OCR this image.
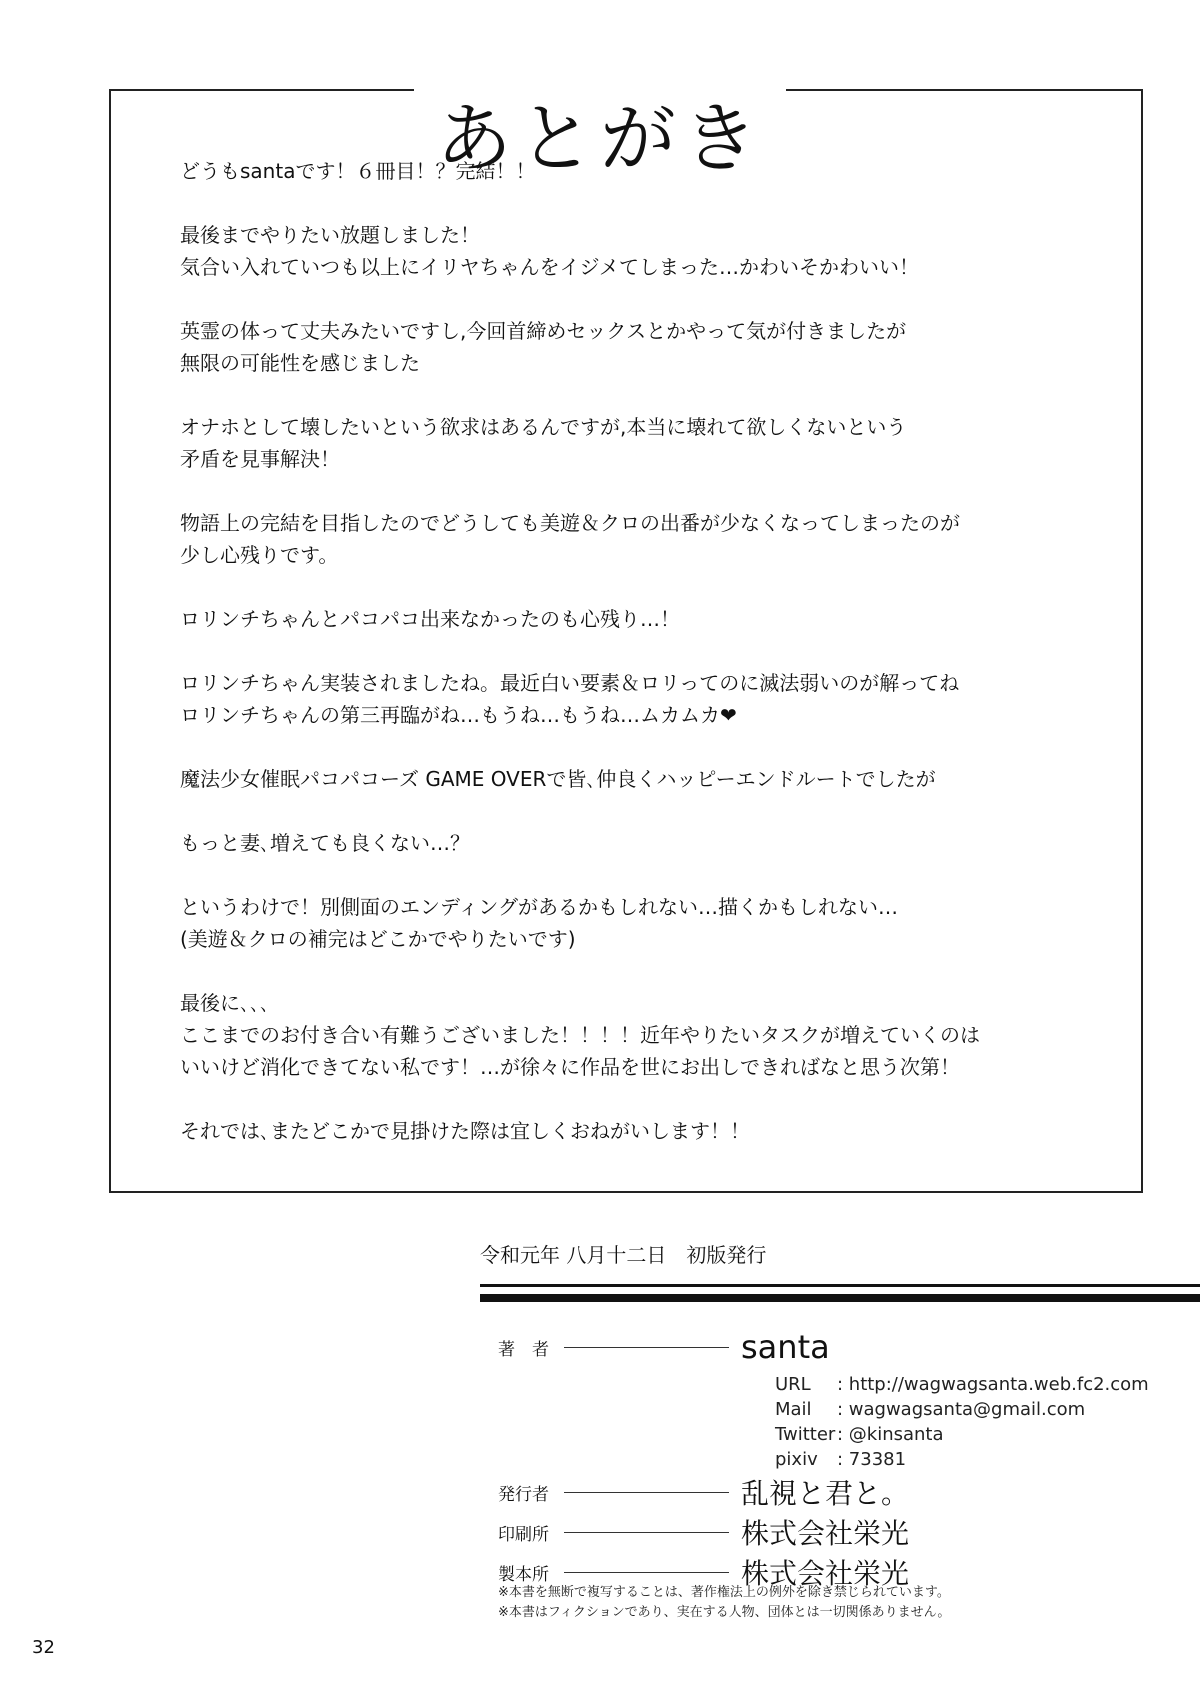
あとがき

どうもsantaです！６冊目！？完結！！

最後までやりたい放題しました！
気合い入れていつも以上にイリヤちゃんをイジメてしまった…かわいそかわいい！

英霊の体って丈夫みたいですし,今回首締めセックスとかやって気が付きましたが
無限の可能性を感じました

オナホとして壊したいという欲求はあるんですが,本当に壊れて欲しくないという
矛盾を見事解決！

物語上の完結を目指したのでどうしても美遊＆クロの出番が少なくなってしまったのが
少し心残りです。

ロリンチちゃんとパコパコ出来なかったのも心残り…！

ロリンチちゃん実装されましたね。最近白い要素＆ロリってのに滅法弱いのが解ってね
ロリンチちゃんの第三再臨がね…もうね…もうね…ムカムカ❤

魔法少女催眠パコパコーズ GAME OVERで皆､仲良くハッピーエンドルートでしたが

もっと妻､増えても良くない…？

というわけで！別側面のエンディングがあるかもしれない…描くかもしれない…
(美遊＆クロの補完はどこかでやりたいです)

最後に､､､
ここまでのお付き合い有難うございました！！！！近年やりたいタスクが増えていくのは
いいけど消化できてない私です！…が徐々に作品を世にお出しできればなと思う次第！

それでは､またどこかで見掛けた際は宜しくおねがいします！！

令和元年 八月十二日　初版発行
著　者	santa
URL	: http://wagwagsanta.web.fc2.com
Mail	: wagwagsanta@gmail.com
Twitter : @kinsanta
pixiv	: 73381
発行者	乱視と君と。
印刷所	株式会社栄光
製本所	株式会社栄光
※本書を無断で複写することは、著作権法上の例外を除き禁じられています。
※本書はフィクションであり、実在する人物、団体とは一切関係ありません。
32
